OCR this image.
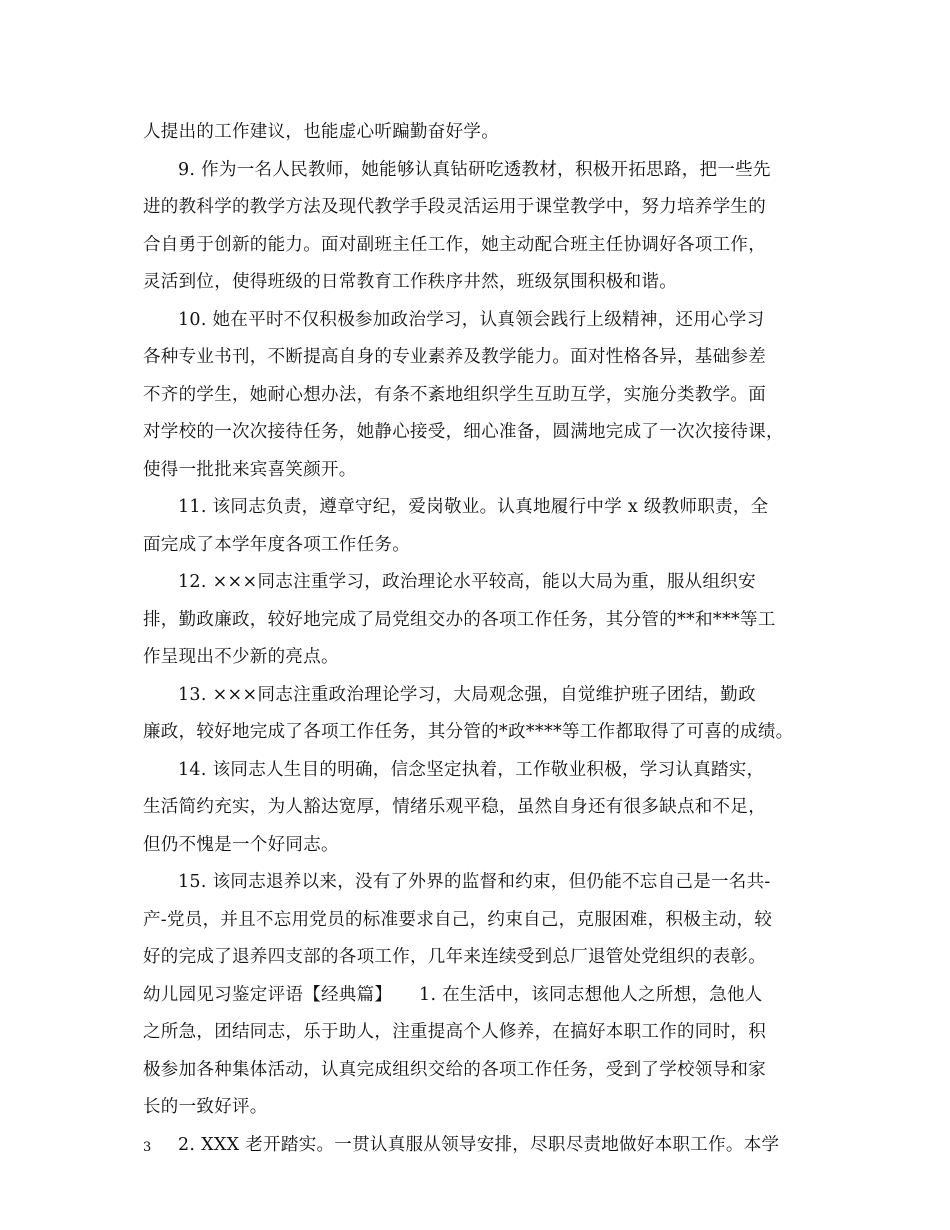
人提出的工作建议，也能虚心听蹁勤奋好学。
9. 作为一名人民教师，她能够认真钻研吃透教材，积极开拓思路，把一些先
进的教科学的教学方法及现代教学手段灵活运用于课堂教学中，努力培养学生的
合自勇于创新的能力。面对副班主任工作，她主动配合班主任协调好各项工作，
灵活到位，使得班级的日常教育工作秩序井然，班级氛围积极和谐。
10. 她在平时不仅积极参加政治学习，认真领会践行上级精神，还用心学习
各种专业书刊，不断提高自身的专业素养及教学能力。面对性格各异，基础参差
不齐的学生，她耐心想办法，有条不紊地组织学生互助互学，实施分类教学。面
对学校的一次次接待任务，她静心接受，细心准备，圆满地完成了一次次接待课，
使得一批批来宾喜笑颜开。
11. 该同志负责，遵章守纪，爱岗敬业。认真地履行中学 x 级教师职责，全
面完成了本学年度各项工作任务。
12. ×××同志注重学习，政治理论水平较高，能以大局为重，服从组织安
排，勤政廉政，较好地完成了局党组交办的各项工作任务，其分管的**和***等工
作呈现出不少新的亮点。
13. ×××同志注重政治理论学习，大局观念强，自觉维护班子团结，勤政
廉政，较好地完成了各项工作任务，其分管的*政****等工作都取得了可喜的成绩。
14. 该同志人生目的明确，信念坚定执着，工作敬业积极，学习认真踏实，
生活简约充实，为人豁达宽厚，情绪乐观平稳，虽然自身还有很多缺点和不足，
但仍不愧是一个好同志。
15. 该同志退养以来，没有了外界的监督和约束，但仍能不忘自己是一名共-
产-党员，并且不忘用党员的标准要求自己，约束自己，克服困难，积极主动，较
好的完成了退养四支部的各项工作，几年来连续受到总厂退管处党组织的表彰。
幼儿园见习鉴定评语【经典篇】　　1. 在生活中，该同志想他人之所想，急他人
之所急，团结同志，乐于助人，注重提高个人修养，在搞好本职工作的同时，积
极参加各种集体活动，认真完成组织交给的各项工作任务，受到了学校领导和家
长的一致好评。
2. XXX 老开踏实。一贯认真服从领导安排，尽职尽责地做好本职工作。本学
3
